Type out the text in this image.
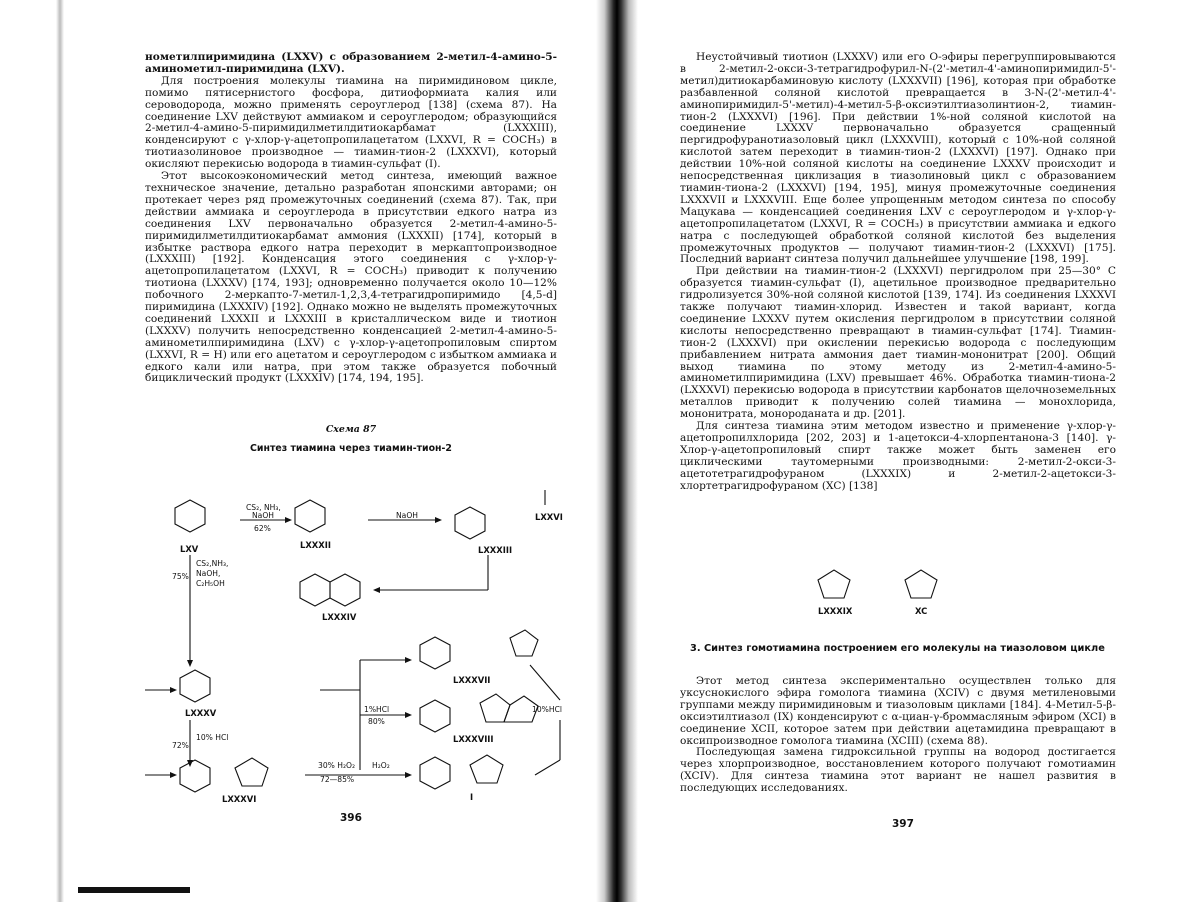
нометилпиримидина (LXXV) с образованием 2-метил-4-амино-5-аминометил-пиримидина (LXV).

Для построения молекулы тиамина на пиримидиновом цикле, помимо пятисернистого фосфора, дитиоформиата калия или сероводорода, можно применять сероуглерод [138] (схема 87). На соединение LXV действуют аммиаком и сероуглеродом; образующийся 2-метил-4-амино-5-пиримидилметилдитиокарбамат (LXXXIII), конденсируют с γ-хлор-γ-ацетопропилацетатом (LXXVI, R = COCH₃) в тиотиазолиновое производное — тиамин-тион-2 (LXXXVI), который окисляют перекисью водорода в тиамин-сульфат (I).

Этот высокоэкономический метод синтеза, имеющий важное техническое значение, детально разработан японскими авторами; он протекает через ряд промежуточных соединений (схема 87). Так, при действии аммиака и сероуглерода в присутствии едкого натра из соединения LXV первоначально образуется 2-метил-4-амино-5-пиримидилметилдитиокарбамат аммония (LXXXII) [174], который в избытке раствора едкого натра переходит в меркаптопроизводное (LXXXIII) [192]. Конденсация этого соединения с γ-хлор-γ-ацетопропилацетатом (LXXVI, R = COCH₃) приводит к получению тиотиона (LXXXV) [174, 193]; одновременно получается около 10—12% побочного 2-меркапто-7-метил-1,2,3,4-тетрагидропиримидо [4,5-d] пиримидина (LXXXIV) [192]. Однако можно не выделять промежуточных соединений LXXXII и LXXXIII в кристаллическом виде и тиотион (LXXXV) получить непосредственно конденсацией 2-метил-4-амино-5-аминометилпиримидина (LXV) с γ-хлор-γ-ацетопропиловым спиртом (LXXVI, R = H) или его ацетатом и сероуглеродом с избытком аммиака и едкого кали или натра, при этом также образуется побочный бициклический продукт (LXXXIV) [174, 194, 195].

Схема 87
Синтез тиамина через тиамин-тион-2
396
LXV	LXXXII	LXXXIII
LXXVI
LXXXIV
LXXXV
LXXXVI
LXXXVII
LXXXVIII
I
LXXXIX	XC
CS₂, NH₃,
NaOH
62%
NaOH
75%
CS₂,NH₃,
NaOH,
C₂H₅OH
1%HCl
80%
10%HCl
72%
10% HCl
30% H₂O₂
72—85%
H₂O₂

Неустойчивый тиотион (LXXXV) или его О-эфиры перегруппировываются в 2-метил-2-окси-3-тетрагидрофурил-N-(2'-метил-4'-аминопиримидил-5'-метил)дитиокарбаминовую кислоту (LXXXVII) [196], которая при обработке разбавленной соляной кислотой превращается в 3-N-(2'-метил-4'-аминопиримидил-5'-метил)-4-метил-5-β-оксиэтилтиазолинтион-2, тиамин-тион-2 (LXXXVI) [196]. При действии 1%-ной соляной кислотой на соединение LXXXV первоначально образуется сращенный пергидрофуранотиазоловый цикл (LXXXVIII), который с 10%-ной соляной кислотой затем переходит в тиамин-тион-2 (LXXXVI) [197]. Однако при действии 10%-ной соляной кислоты на соединение LXXXV происходит и непосредственная циклизация в тиазолиновый цикл с образованием тиамин-тиона-2 (LXXXVI) [194, 195], минуя промежуточные соединения LXXXVII и LXXXVIII. Еще более упрощенным методом синтеза по способу Мацукава — конденсацией соединения LXV с сероуглеродом и γ-хлор-γ-ацетопропилацетатом (LXXVI, R = COCH₃) в присутствии аммиака и едкого натра с последующей обработкой соляной кислотой без выделения промежуточных продуктов — получают тиамин-тион-2 (LXXXVI) [175]. Последний вариант синтеза получил дальнейшее улучшение [198, 199].

При действии на тиамин-тион-2 (LXXXVI) пергидролом при 25—30° С образуется тиамин-сульфат (I), ацетильное производное предварительно гидролизуется 30%-ной соляной кислотой [139, 174]. Из соединения LXXXVI также получают тиамин-хлорид. Известен и такой вариант, когда соединение LXXXV путем окисления пергидролом в присутствии соляной кислоты непосредственно превращают в тиамин-сульфат [174]. Тиамин-тион-2 (LXXXVI) при окислении перекисью водорода с последующим прибавлением нитрата аммония дает тиамин-мононитрат [200]. Общий выход тиамина по этому методу из 2-метил-4-амино-5-аминометилпиримидина (LXV) превышает 46%. Обработка тиамин-тиона-2 (LXXXVI) перекисью водорода в присутствии карбонатов щелочноземельных металлов приводит к получению солей тиамина — монохлорида, мононитрата, монороданата и др. [201].

Для синтеза тиамина этим методом известно и применение γ-хлор-γ-ацетопропилхлорида [202, 203] и 1-ацетокси-4-хлорпентанона-3 [140]. γ-Хлор-γ-ацетопропиловый спирт также может быть заменен его циклическими таутомерными производными: 2-метил-2-окси-3-ацетотетрагидрофураном (LXXXIX) и 2-метил-2-ацетокси-3-хлортетрагидрофураном (XC) [138]

Этот метод синтеза экспериментально осуществлен только для уксуснокислого эфира гомолога тиамина (XCIV) с двумя метиленовыми группами между пиримидиновым и тиазоловым циклами [184]. 4-Метил-5-β-оксиэтилтиазол (IX) конденсируют с α-циан-γ-броммасляным эфиром (XCI) в соединение XCII, которое затем при действии ацетамидина превращают в оксипроизводное гомолога тиамина (XCIII) (схема 88).

Последующая замена гидроксильной группы на водород достигается через хлорпроизводное, восстановлением которого получают гомотиамин (XCIV). Для синтеза тиамина этот вариант не нашел развития в последующих исследованиях.

397
3. Синтез гомотиамина построением его молекулы на тиазоловом цикле
